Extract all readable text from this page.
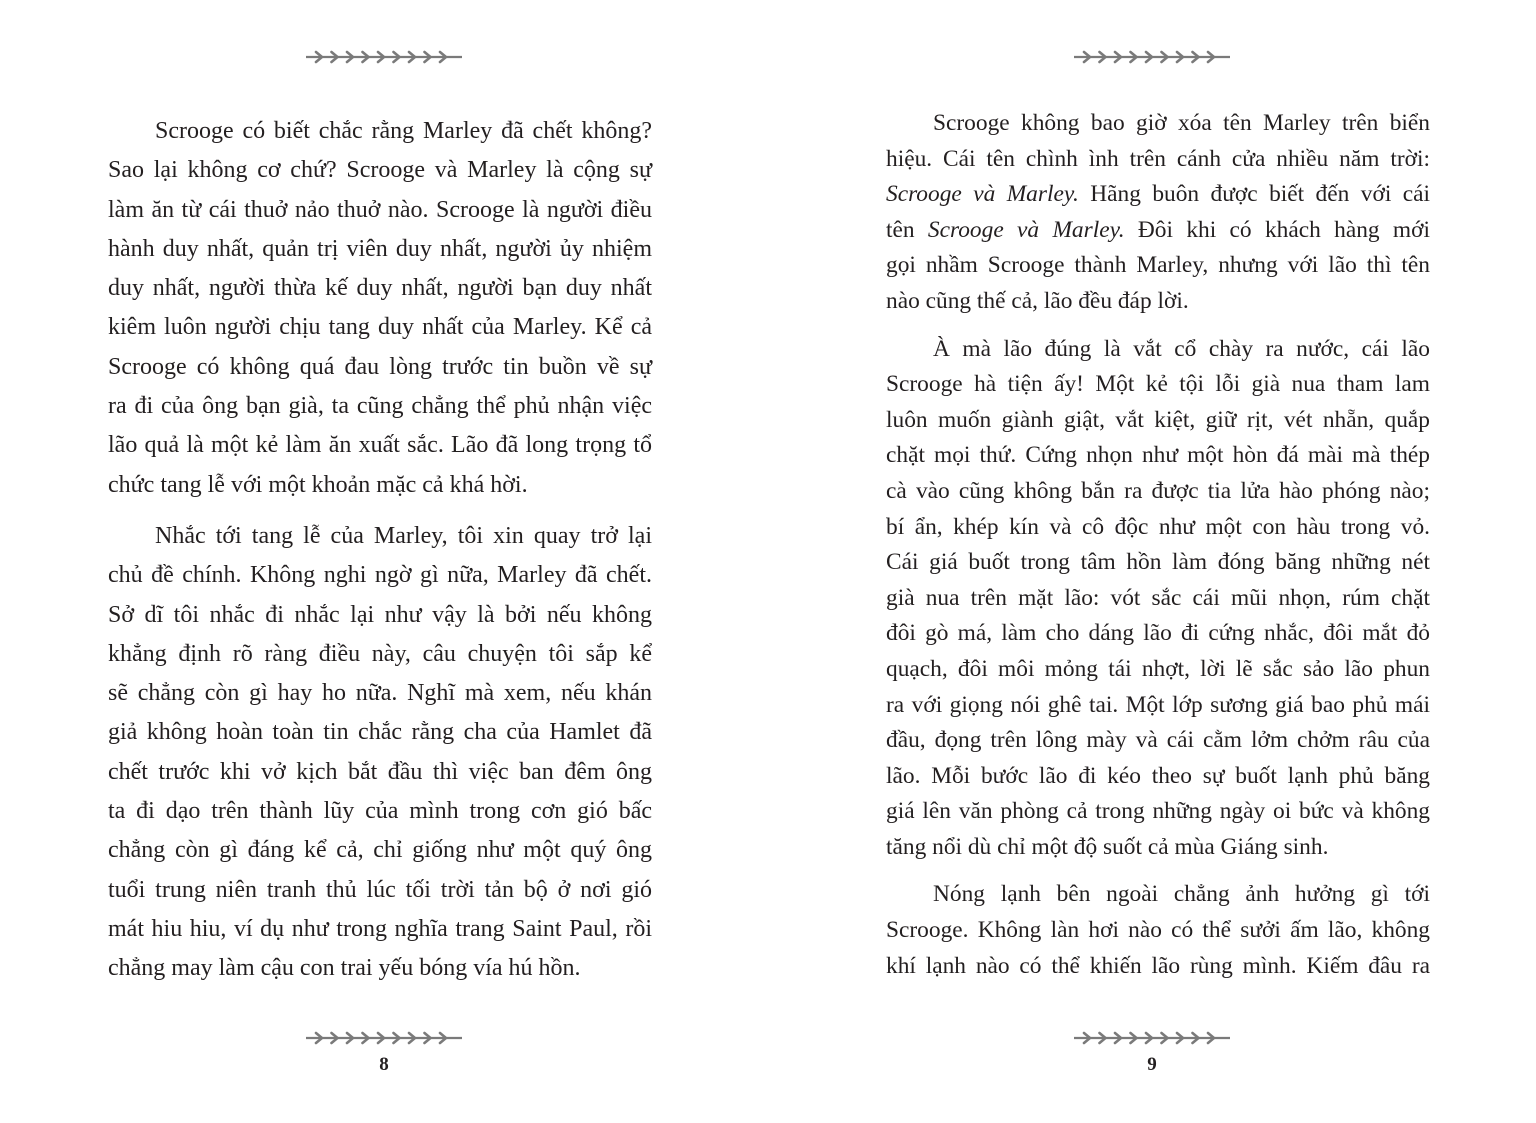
Scrooge có biết chắc rằng Marley đã chết không?
Sao lại không cơ chứ? Scrooge và Marley là cộng sự
làm ăn từ cái thuở nảo thuở nào. Scrooge là người điều
hành duy nhất, quản trị viên duy nhất, người ủy nhiệm
duy nhất, người thừa kế duy nhất, người bạn duy nhất
kiêm luôn người chịu tang duy nhất của Marley. Kể cả
Scrooge có không quá đau lòng trước tin buồn về sự
ra đi của ông bạn già, ta cũng chẳng thể phủ nhận việc
lão quả là một kẻ làm ăn xuất sắc. Lão đã long trọng tổ
chức tang lễ với một khoản mặc cả khá hời.
Nhắc tới tang lễ của Marley, tôi xin quay trở lại
chủ đề chính. Không nghi ngờ gì nữa, Marley đã chết.
Sở dĩ tôi nhắc đi nhắc lại như vậy là bởi nếu không
khẳng định rõ ràng điều này, câu chuyện tôi sắp kể
sẽ chẳng còn gì hay ho nữa. Nghĩ mà xem, nếu khán
giả không hoàn toàn tin chắc rằng cha của Hamlet đã
chết trước khi vở kịch bắt đầu thì việc ban đêm ông
ta đi dạo trên thành lũy của mình trong cơn gió bấc
chẳng còn gì đáng kể cả, chỉ giống như một quý ông
tuổi trung niên tranh thủ lúc tối trời tản bộ ở nơi gió
mát hiu hiu, ví dụ như trong nghĩa trang Saint Paul, rồi
chẳng may làm cậu con trai yếu bóng vía hú hồn.
8
Scrooge không bao giờ xóa tên Marley trên biển
hiệu. Cái tên chình ình trên cánh cửa nhiều năm trời:
Scrooge và Marley. Hãng buôn được biết đến với cái
tên Scrooge và Marley. Đôi khi có khách hàng mới
gọi nhầm Scrooge thành Marley, nhưng với lão thì tên
nào cũng thế cả, lão đều đáp lời.
À mà lão đúng là vắt cổ chày ra nước, cái lão
Scrooge hà tiện ấy! Một kẻ tội lỗi già nua tham lam
luôn muốn giành giật, vắt kiệt, giữ rịt, vét nhẵn, quắp
chặt mọi thứ. Cứng nhọn như một hòn đá mài mà thép
cà vào cũng không bắn ra được tia lửa hào phóng nào;
bí ẩn, khép kín và cô độc như một con hàu trong vỏ.
Cái giá buốt trong tâm hồn làm đóng băng những nét
già nua trên mặt lão: vót sắc cái mũi nhọn, rúm chặt
đôi gò má, làm cho dáng lão đi cứng nhắc, đôi mắt đỏ
quạch, đôi môi mỏng tái nhợt, lời lẽ sắc sảo lão phun
ra với giọng nói ghê tai. Một lớp sương giá bao phủ mái
đầu, đọng trên lông mày và cái cằm lởm chởm râu của
lão. Mỗi bước lão đi kéo theo sự buốt lạnh phủ băng
giá lên văn phòng cả trong những ngày oi bức và không
tăng nổi dù chỉ một độ suốt cả mùa Giáng sinh.
Nóng lạnh bên ngoài chẳng ảnh hưởng gì tới
Scrooge. Không làn hơi nào có thể sưởi ấm lão, không
khí lạnh nào có thể khiến lão rùng mình. Kiếm đâu ra
9
